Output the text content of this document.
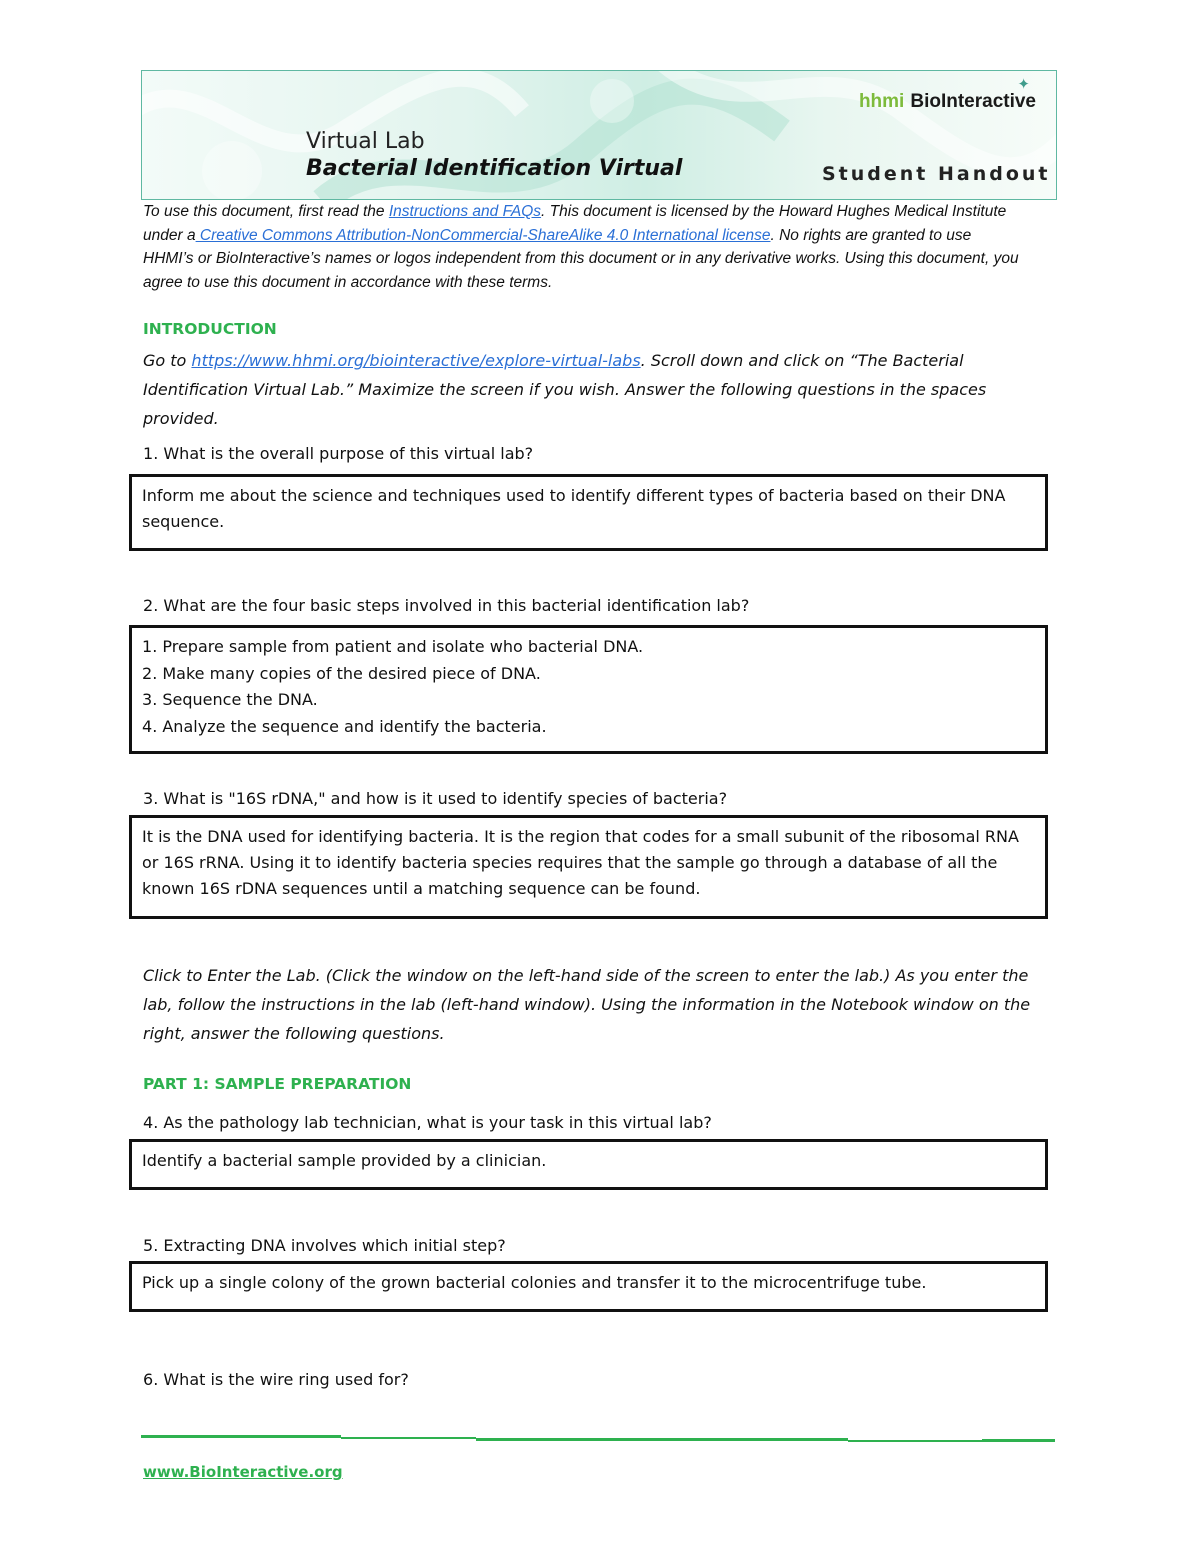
✦
hhmi BioInteractive
Virtual Lab
Bacterial Identification Virtual	Student Handout
To use this document, first read the Instructions and FAQs. This document is licensed by the Howard Hughes Medical Institute under a Creative Commons Attribution-NonCommercial-ShareAlike 4.0 International license. No rights are granted to use HHMI’s or BioInteractive’s names or logos independent from this document or in any derivative works. Using this document, you agree to use this document in accordance with these terms.
INTRODUCTION
Go to https://www.hhmi.org/biointeractive/explore-virtual-labs. Scroll down and click on “The Bacterial Identification Virtual Lab.” Maximize the screen if you wish. Answer the following questions in the spaces provided.
1. What is the overall purpose of this virtual lab?
Inform me about the science and techniques used to identify different types of bacteria based on their DNA sequence.
2. What are the four basic steps involved in this bacterial identification lab?
1. Prepare sample from patient and isolate who bacterial DNA.
2. Make many copies of the desired piece of DNA.
3. Sequence the DNA.
4. Analyze the sequence and identify the bacteria.
3. What is "16S rDNA," and how is it used to identify species of bacteria?
It is the DNA used for identifying bacteria. It is the region that codes for a small subunit of the ribosomal RNA or 16S rRNA. Using it to identify bacteria species requires that the sample go through a database of all the known 16S rDNA sequences until a matching sequence can be found.
Click to Enter the Lab. (Click the window on the left-hand side of the screen to enter the lab.) As you enter the lab, follow the instructions in the lab (left-hand window). Using the information in the Notebook window on the right, answer the following questions.
PART 1: SAMPLE PREPARATION
4. As the pathology lab technician, what is your task in this virtual lab?
Identify a bacterial sample provided by a clinician.
5. Extracting DNA involves which initial step?
Pick up a single colony of the grown bacterial colonies and transfer it to the microcentrifuge tube.
6. What is the wire ring used for?
www.BioInteractive.org
